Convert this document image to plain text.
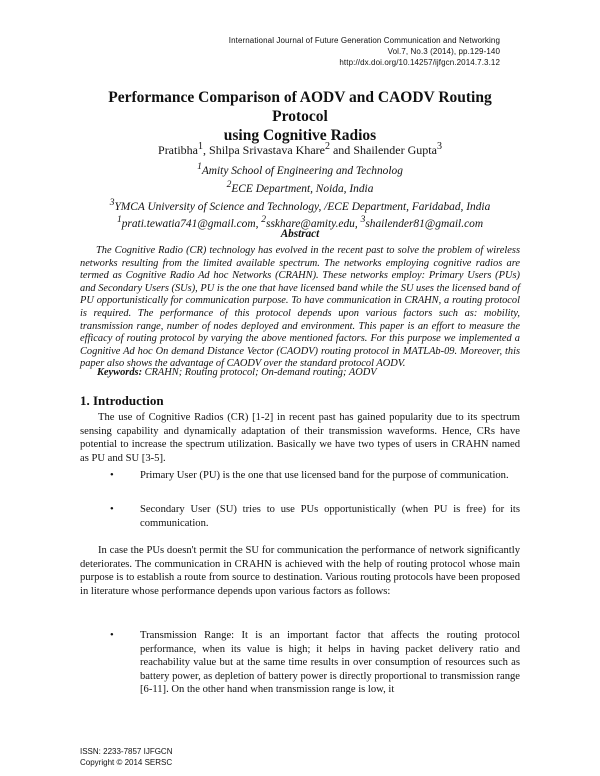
International Journal of Future Generation Communication and Networking
Vol.7, No.3 (2014), pp.129-140
http://dx.doi.org/10.14257/ijfgcn.2014.7.3.12
Performance Comparison of AODV and CAODV Routing Protocol
using Cognitive Radios
Pratibha$^1$, Shilpa Srivastava Khare$^2$ and Shailender Gupta$^3$
$^1$Amity School of Engineering and Technolog
$^2$ECE Department, Noida, India
$^3$YMCA University of Science and Technology, /ECE Department, Faridabad, India
$^1$prati.tewatia741@gmail.com, $^2$sskhare@amity.edu, $^3$shailender81@gmail.com
Abstract

The Cognitive Radio (CR) technology has evolved in the recent past to solve the problem of wireless networks resulting from the limited available spectrum. The networks employing cognitive radios are termed as Cognitive Radio Ad hoc Networks (CRAHN). These networks employ: Primary Users (PUs) and Secondary Users (SUs), PU is the one that have licensed band while the SU uses the licensed band of PU opportunistically for communication purpose. To have communication in CRAHN, a routing protocol is required. The performance of this protocol depends upon various factors such as: mobility, transmission range, number of nodes deployed and environment. This paper is an effort to measure the efficacy of routing protocol by varying the above mentioned factors. For this purpose we implemented a Cognitive Ad hoc On demand Distance Vector (CAODV) routing protocol in MATLAb-09. Moreover, this paper also shows the advantage of CAODV over the standard protocol AODV.

Keywords: CRAHN; Routing protocol; On-demand routing; AODV
1. Introduction

The use of Cognitive Radios (CR) [1-2] in recent past has gained popularity due to its spectrum sensing capability and dynamically adaptation of their transmission waveforms. Hence, CRs have potential to increase the spectrum utilization. Basically we have two types of users in CRAHN named as PU and SU [3-5].

• Primary User (PU) is the one that use licensed band for the purpose of communication.
• Secondary User (SU) tries to use PUs opportunistically (when PU is free) for its communication.

In case the PUs doesn't permit the SU for communication the performance of network significantly deteriorates. The communication in CRAHN is achieved with the help of routing protocol whose main purpose is to establish a route from source to destination. Various routing protocols have been proposed in literature whose performance depends upon various factors as follows:

• Transmission Range: It is an important factor that affects the routing protocol performance, when its value is high; it helps in having packet delivery ratio and reachability value but at the same time results in over consumption of resources such as battery power, as depletion of battery power is directly proportional to transmission range [6-11]. On the other hand when transmission range is low, it
ISSN: 2233-7857 IJFGCN
Copyright © 2014 SERSC
